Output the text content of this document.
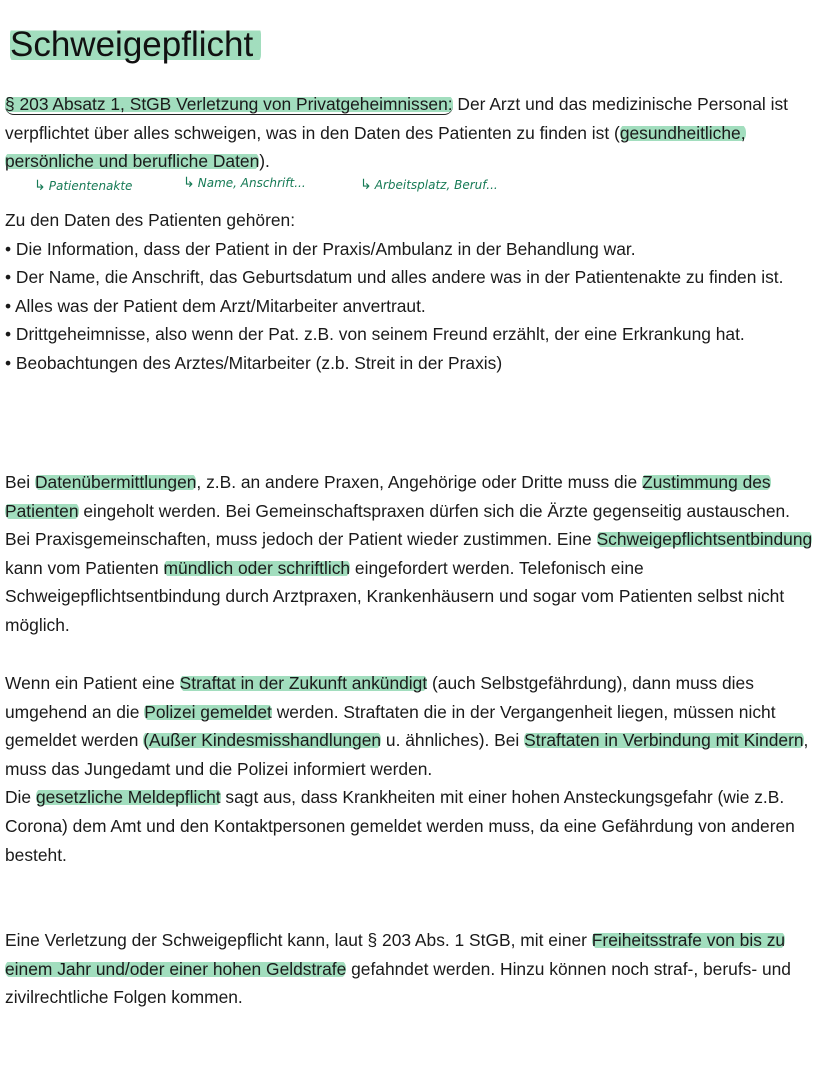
Schweigepflicht
§ 203 Absatz 1, StGB Verletzung von Privatgeheimnissen: Der Arzt und das medizinische Personal ist verpflichtet über alles schweigen, was in den Daten des Patienten zu finden ist (gesundheitliche, persönliche und berufliche Daten).
↳ Patientenakte	↳ Name, Anschrift...	↳ Arbeitsplatz, Beruf...

Zu den Daten des Patienten gehören:

• Die Information, dass der Patient in der Praxis/Ambulanz in der Behandlung war.

• Der Name, die Anschrift, das Geburtsdatum und alles andere was in der Patientenakte zu finden ist.

• Alles was der Patient dem Arzt/Mitarbeiter anvertraut.

• Drittgeheimnisse, also wenn der Pat. z.B. von seinem Freund erzählt, der eine Erkrankung hat.

• Beobachtungen des Arztes/Mitarbeiter (z.b. Streit in der Praxis)

Bei Datenübermittlungen, z.B. an andere Praxen, Angehörige oder Dritte muss die Zustimmung des Patienten eingeholt werden. Bei Gemeinschaftspraxen dürfen sich die Ärzte gegenseitig austauschen. Bei Praxisgemeinschaften, muss jedoch der Patient wieder zustimmen. Eine Schweigepflichtsentbindung kann vom Patienten mündlich oder schriftlich eingefordert werden. Telefonisch eine Schweigepflichtsentbindung durch Arztpraxen, Krankenhäusern und sogar vom Patienten selbst nicht möglich.

Wenn ein Patient eine Straftat in der Zukunft ankündigt (auch Selbstgefährdung), dann muss dies umgehend an die Polizei gemeldet werden. Straftaten die in der Vergangenheit liegen, müssen nicht gemeldet werden (Außer Kindesmisshandlungen u. ähnliches). Bei Straftaten in Verbindung mit Kindern, muss das Jungedamt und die Polizei informiert werden.

Die gesetzliche Meldepflicht sagt aus, dass Krankheiten mit einer hohen Ansteckungsgefahr (wie z.B. Corona) dem Amt und den Kontaktpersonen gemeldet werden muss, da eine Gefährdung von anderen besteht.

Eine Verletzung der Schweigepflicht kann, laut § 203 Abs. 1 StGB, mit einer Freiheitsstrafe von bis zu einem Jahr und/oder einer hohen Geldstrafe gefahndet werden. Hinzu können noch straf-, berufs- und zivilrechtliche Folgen kommen.
